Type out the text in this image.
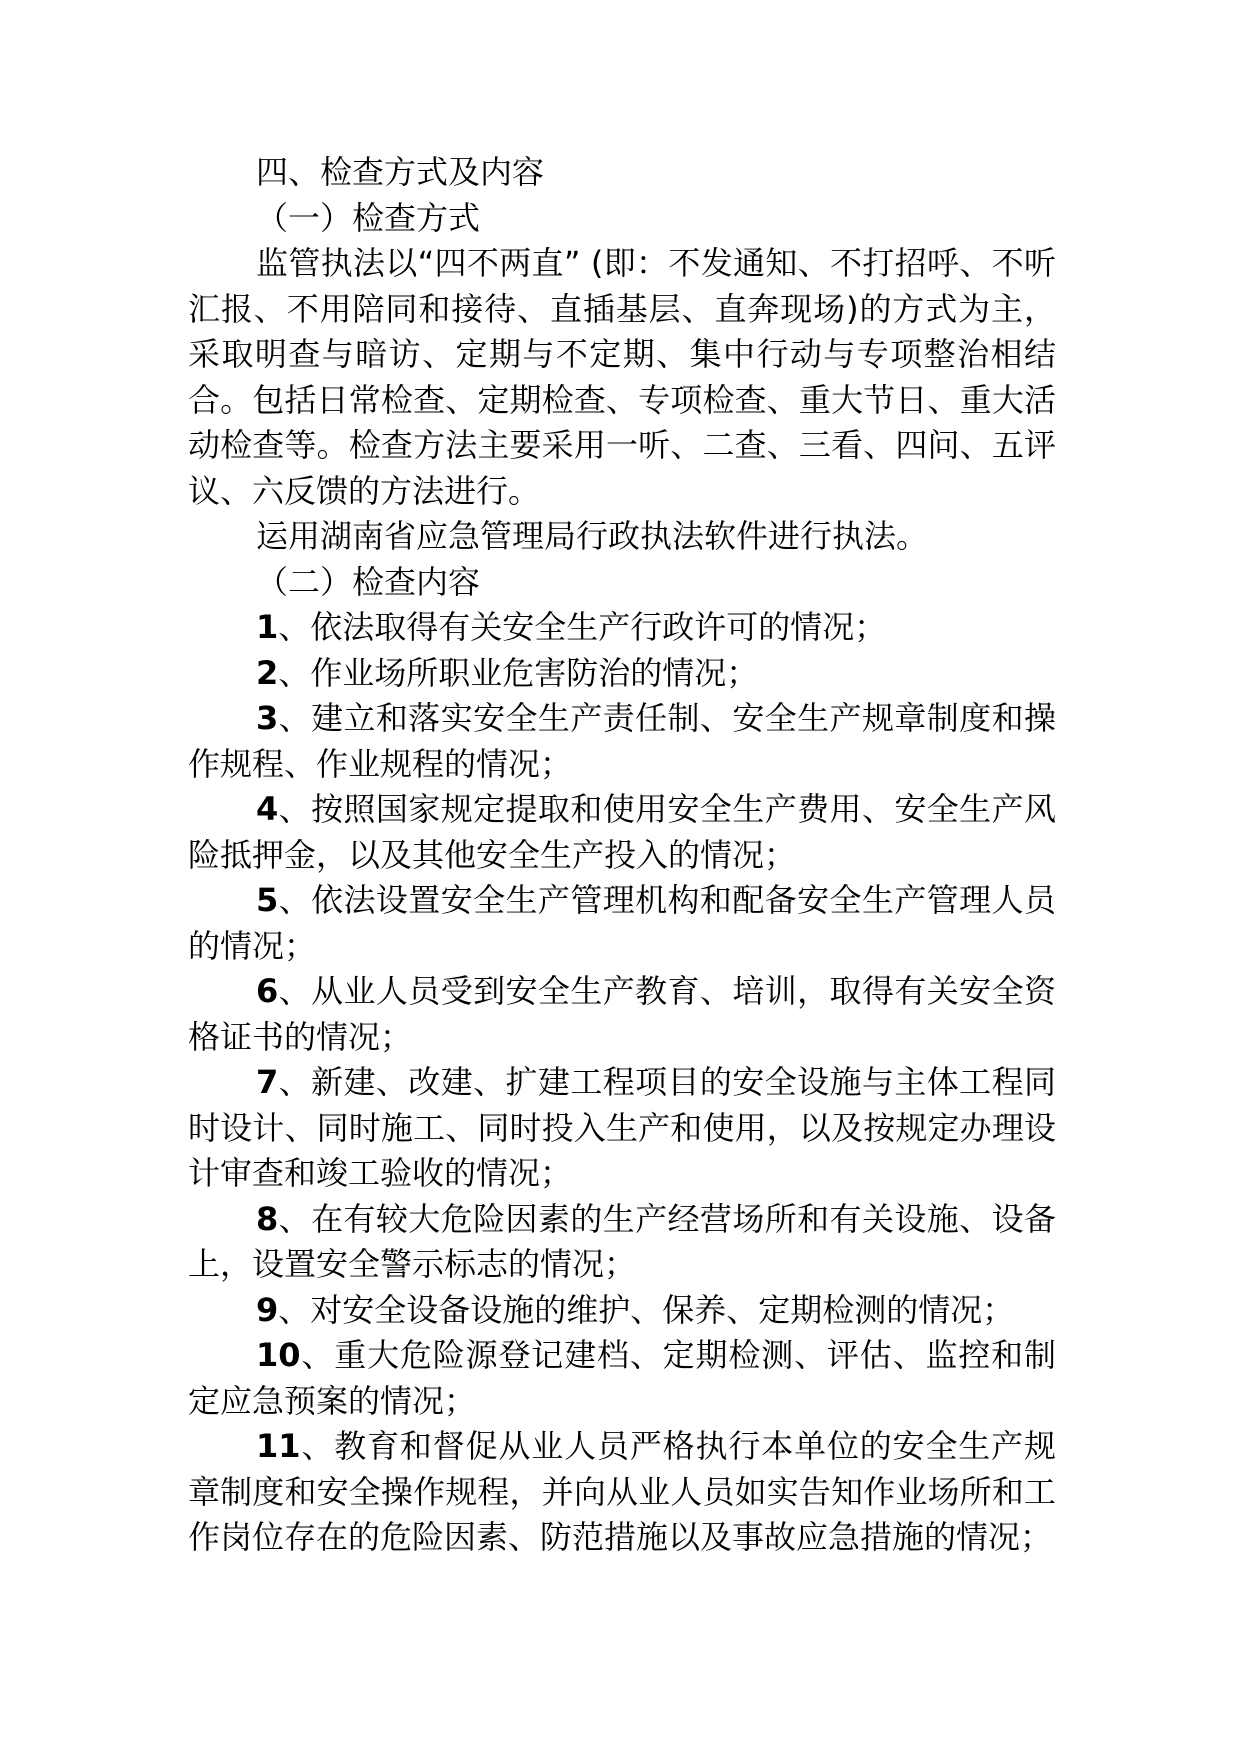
四、检查方式及内容

（一）检查方式

监管执法以“四不两直” (即：不发通知、不打招呼、不听汇报、不用陪同和接待、直插基层、直奔现场)的方式为主，采取明查与暗访、定期与不定期、集中行动与专项整治相结合。包括日常检查、定期检查、专项检查、重大节日、重大活动检查等。检查方法主要采用一听、二查、三看、四问、五评议、六反馈的方法进行。

运用湖南省应急管理局行政执法软件进行执法。

（二）检查内容

1、依法取得有关安全生产行政许可的情况；

2、作业场所职业危害防治的情况；

3、建立和落实安全生产责任制、安全生产规章制度和操作规程、作业规程的情况；

4、按照国家规定提取和使用安全生产费用、安全生产风险抵押金，以及其他安全生产投入的情况；

5、依法设置安全生产管理机构和配备安全生产管理人员的情况；

6、从业人员受到安全生产教育、培训，取得有关安全资格证书的情况；

7、新建、改建、扩建工程项目的安全设施与主体工程同时设计、同时施工、同时投入生产和使用，以及按规定办理设计审查和竣工验收的情况；

8、在有较大危险因素的生产经营场所和有关设施、设备上，设置安全警示标志的情况；

9、对安全设备设施的维护、保养、定期检测的情况；

10、重大危险源登记建档、定期检测、评估、监控和制定应急预案的情况；

11、教育和督促从业人员严格执行本单位的安全生产规章制度和安全操作规程，并向从业人员如实告知作业场所和工作岗位存在的危险因素、防范措施以及事故应急措施的情况；
